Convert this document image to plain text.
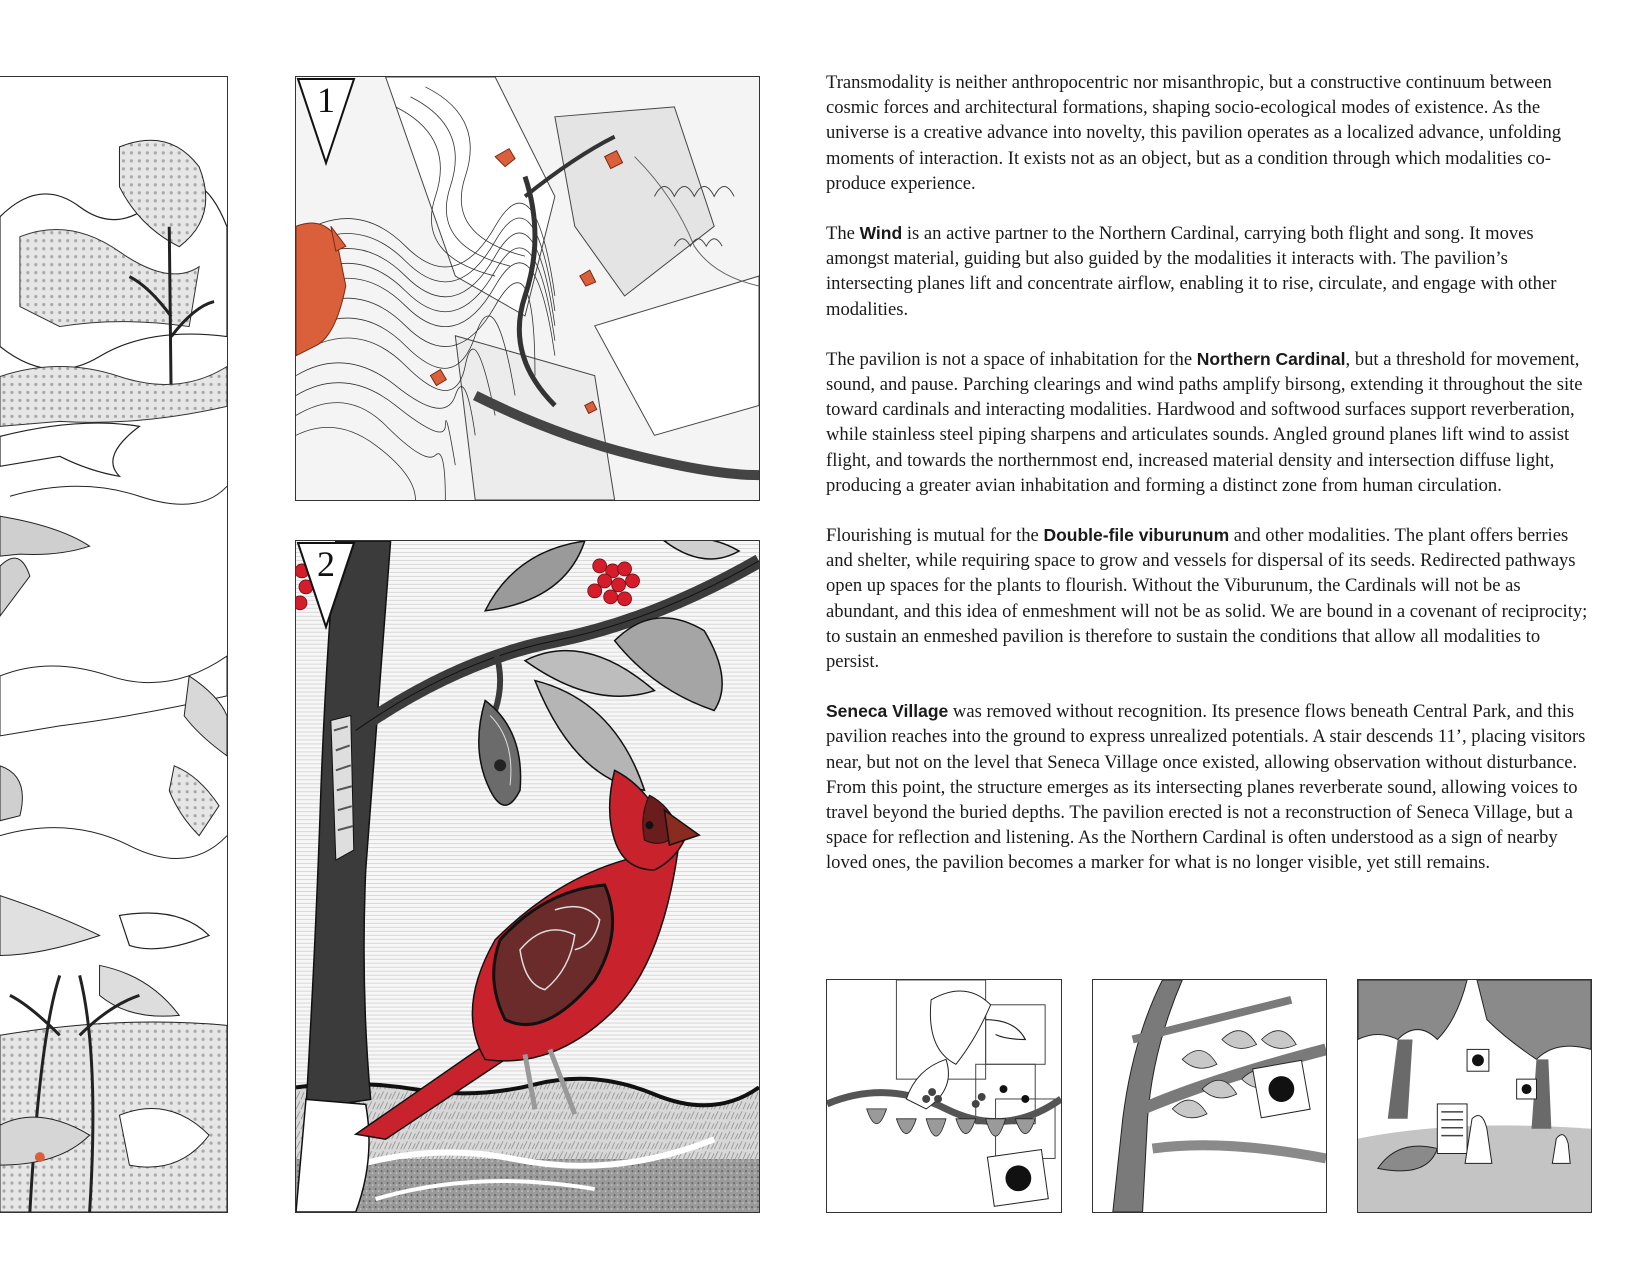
1
2

Transmodality is neither anthropocentric nor misanthropic, but a constructive continuum between cosmic forces and architectural formations, shaping socio-ecological modes of existence. As the universe is a creative advance into novelty, this pavilion operates as a localized advance, unfolding moments of interaction. It exists not as an object, but as a condition through which modalities co-produce experience.

The Wind is an active partner to the Northern Cardinal, carrying both flight and song. It moves amongst material, guiding but also guided by the modalities it interacts with. The pavilion’s intersecting planes lift and concentrate airflow, enabling it to rise, circulate, and engage with other modalities.

The pavilion is not a space of inhabitation for the Northern Cardinal, but a threshold for movement, sound, and pause. Parching clearings and wind paths amplify birsong, extending it throughout the site toward cardinals and interacting modalities. Hardwood and softwood surfaces support reverberation, while stainless steel piping sharpens and articulates sounds. Angled ground planes lift wind to assist flight, and towards the northernmost end, increased material density and intersection diffuse light, producing a greater avian inhabitation and forming a distinct zone from human circulation.

Flourishing is mutual for the Double-file viburunum and other modalities. The plant offers berries and shelter, while requiring space to grow and vessels for dispersal of its seeds. Redirected pathways open up spaces for the plants to flourish. Without the Viburunum, the Cardinals will not be as abundant, and this idea of enmeshment will not be as solid. We are bound in a covenant of reciprocity; to sustain an enmeshed pavilion is therefore to sustain the conditions that allow all modalities to persist.

Seneca Village was removed without recognition. Its presence flows beneath Central Park, and this pavilion reaches into the ground to express unrealized potentials. A stair descends 11’, placing visitors near, but not on the level that Seneca Village once existed, allowing observation without disturbance. From this point, the structure emerges as its intersecting planes reverberate sound, allowing voices to travel beyond the buried depths. The pavilion erected is not a reconstruction of Seneca Village, but a space for reflection and listening. As the Northern Cardinal is often understood as a sign of nearby loved ones, the pavilion becomes a marker for what is no longer visible, yet still remains.
